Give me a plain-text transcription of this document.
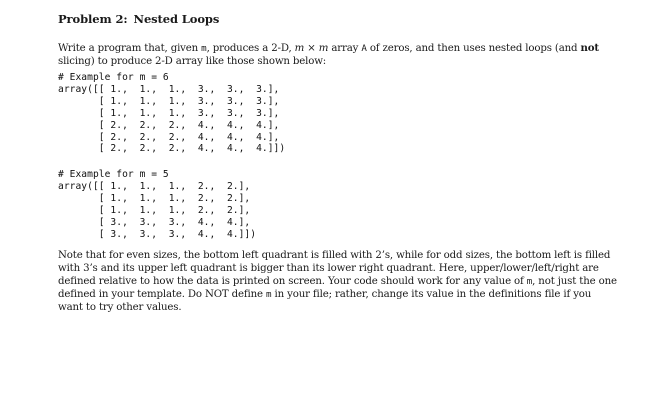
Problem 2: Nested Loops

Write a program that, given m, produces a 2-D, m × m array A of zeros, and then uses nested loops (and not slicing) to produce 2-D array like those shown below:

# Example for m = 6
array([[ 1.,  1.,  1.,  3.,  3.,  3.],
[ 1.,  1.,  1.,  3.,  3.,  3.],
[ 1.,  1.,  1.,  3.,  3.,  3.],
[ 2.,  2.,  2.,  4.,  4.,  4.],
[ 2.,  2.,  2.,  4.,  4.,  4.],
[ 2.,  2.,  2.,  4.,  4.,  4.]])
# Example for m = 5
array([[ 1.,  1.,  1.,  2.,  2.],
[ 1.,  1.,  1.,  2.,  2.],
[ 1.,  1.,  1.,  2.,  2.],
[ 3.,  3.,  3.,  4.,  4.],
[ 3.,  3.,  3.,  4.,  4.]])

Note that for even sizes, the bottom left quadrant is filled with 2’s, while for odd sizes, the bottom left is filled with 3’s and its upper left quadrant is bigger than its lower right quadrant. Here, upper/lower/left/right are defined relative to how the data is printed on screen. Your code should work for any value of m, not just the one defined in your template. Do NOT define m in your file; rather, change its value in the definitions file if you want to try other values.
